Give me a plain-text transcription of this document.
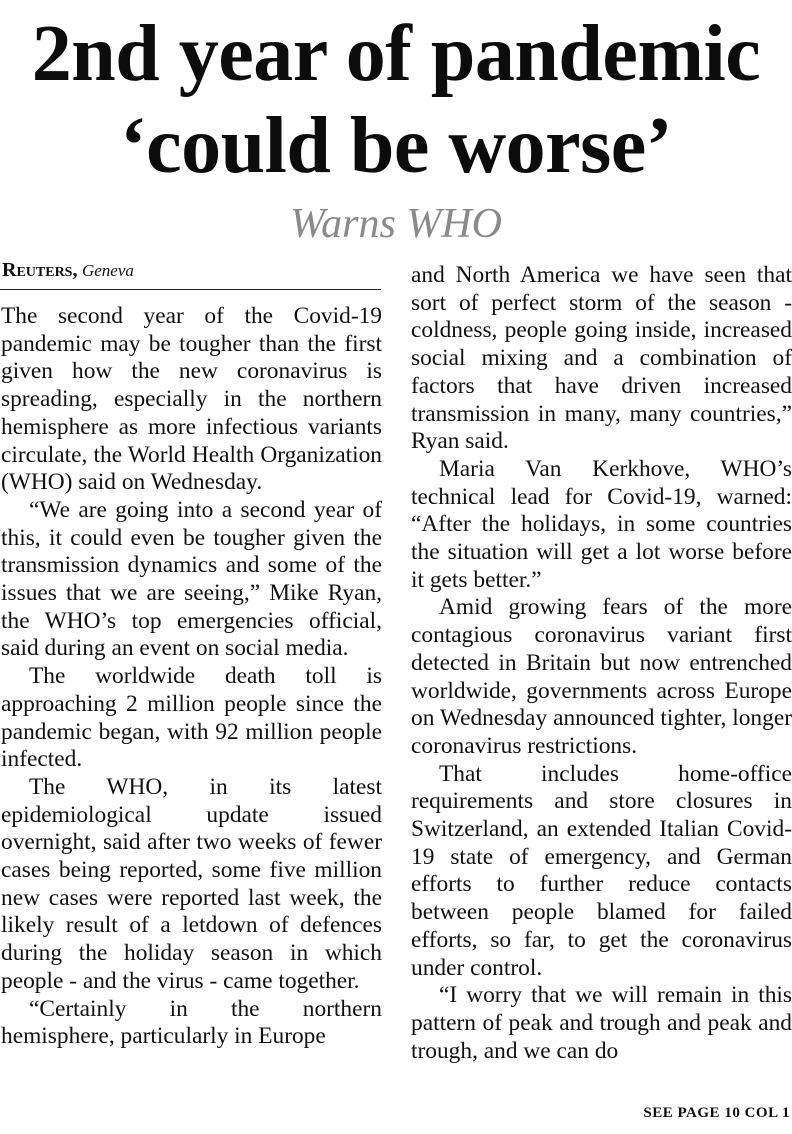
2nd year of pandemic
‘could be worse’
Warns WHO
Reuters, Geneva

The second year of the Covid-19 pandemic may be tougher than the first given how the new coronavirus is spreading, especially in the northern hemisphere as more infectious variants circulate, the World Health Organization (WHO) said on Wednesday.

“We are going into a second year of this, it could even be tougher given the transmission dynamics and some of the issues that we are seeing,” Mike Ryan, the WHO’s top emergencies official, said during an event on social media.

The worldwide death toll is approaching 2 million people since the pandemic began, with 92 million people infected.

The WHO, in its latest epidemiological update issued overnight, said after two weeks of fewer cases being reported, some five million new cases were reported last week, the likely result of a letdown of defences during the holiday season in which people - and the virus - came together.

“Certainly in the northern hemisphere, particularly in Europe

and North America we have seen that sort of perfect storm of the season - coldness, people going inside, increased social mixing and a combination of factors that have driven increased transmission in many, many countries,” Ryan said.

Maria Van Kerkhove, WHO’s technical lead for Covid-19, warned: “After the holidays, in some countries the situation will get a lot worse before it gets better.”

Amid growing fears of the more contagious coronavirus variant first detected in Britain but now entrenched worldwide, governments across Europe on Wednesday announced tighter, longer coronavirus restrictions.

That includes home-office requirements and store closures in Switzerland, an extended Italian Covid-19 state of emergency, and German efforts to further reduce contacts between people blamed for failed efforts, so far, to get the coronavirus under control.

“I worry that we will remain in this pattern of peak and trough and peak and trough, and we can do

SEE PAGE 10 COL 1
